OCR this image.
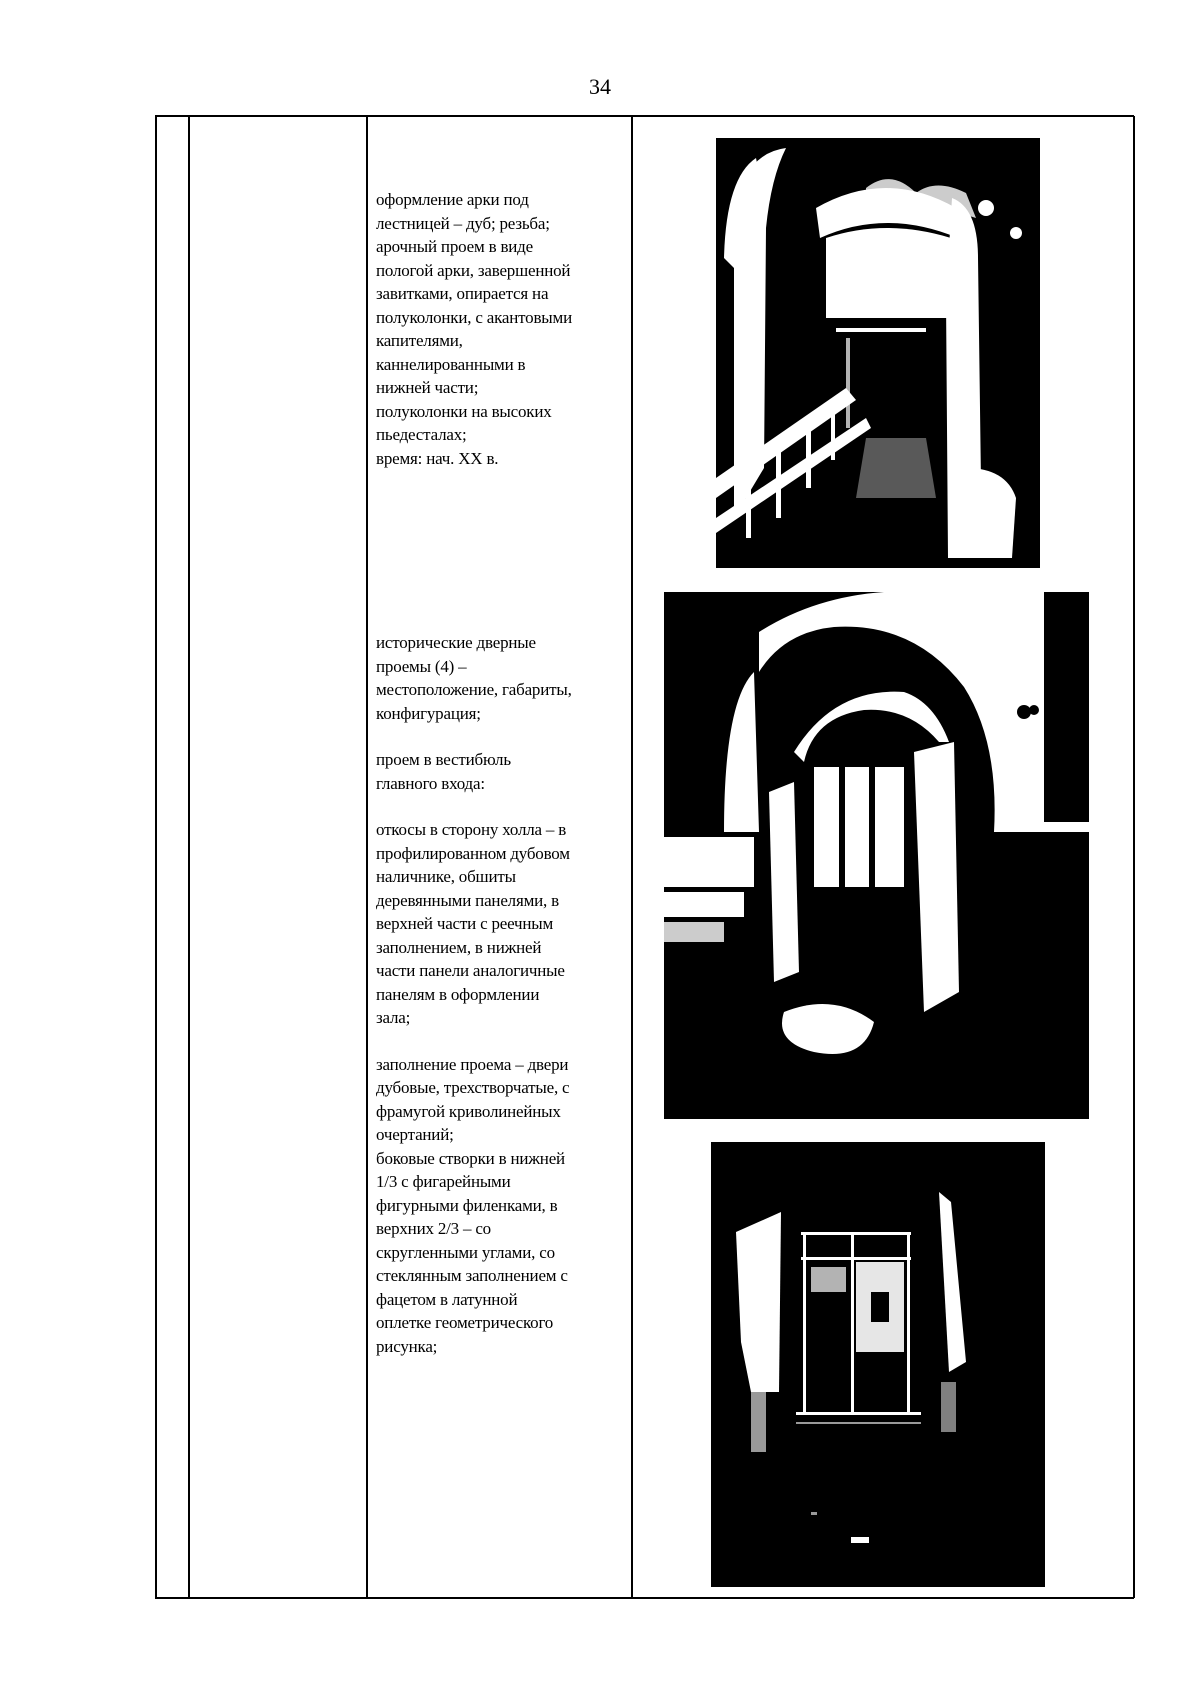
34

оформление арки под

лестницей – дуб; резьба;

арочный проем в виде

пологой арки, завершенной

завитками, опирается на

полуколонки, с акантовыми

капителями,

каннелированными в

нижней части;

полуколонки на высоких

пьедесталах;

время: нач. XX в.

исторические дверные

проемы (4) –

местоположение, габариты,

конфигурация;

проем в вестибюль

главного входа:

откосы в сторону холла – в

профилированном дубовом

наличнике, обшиты

деревянными панелями, в

верхней части с реечным

заполнением, в нижней

части панели аналогичные

панелям в оформлении

зала;

заполнение проема – двери

дубовые, трехстворчатые, с

фрамугой криволинейных

очертаний;

боковые створки в нижней

1/3 с фигарейными

фигурными филенками, в

верхних 2/3 – со

скругленными углами, со

стеклянным заполнением с

фацетом в латунной

оплетке геометрического

рисунка;
